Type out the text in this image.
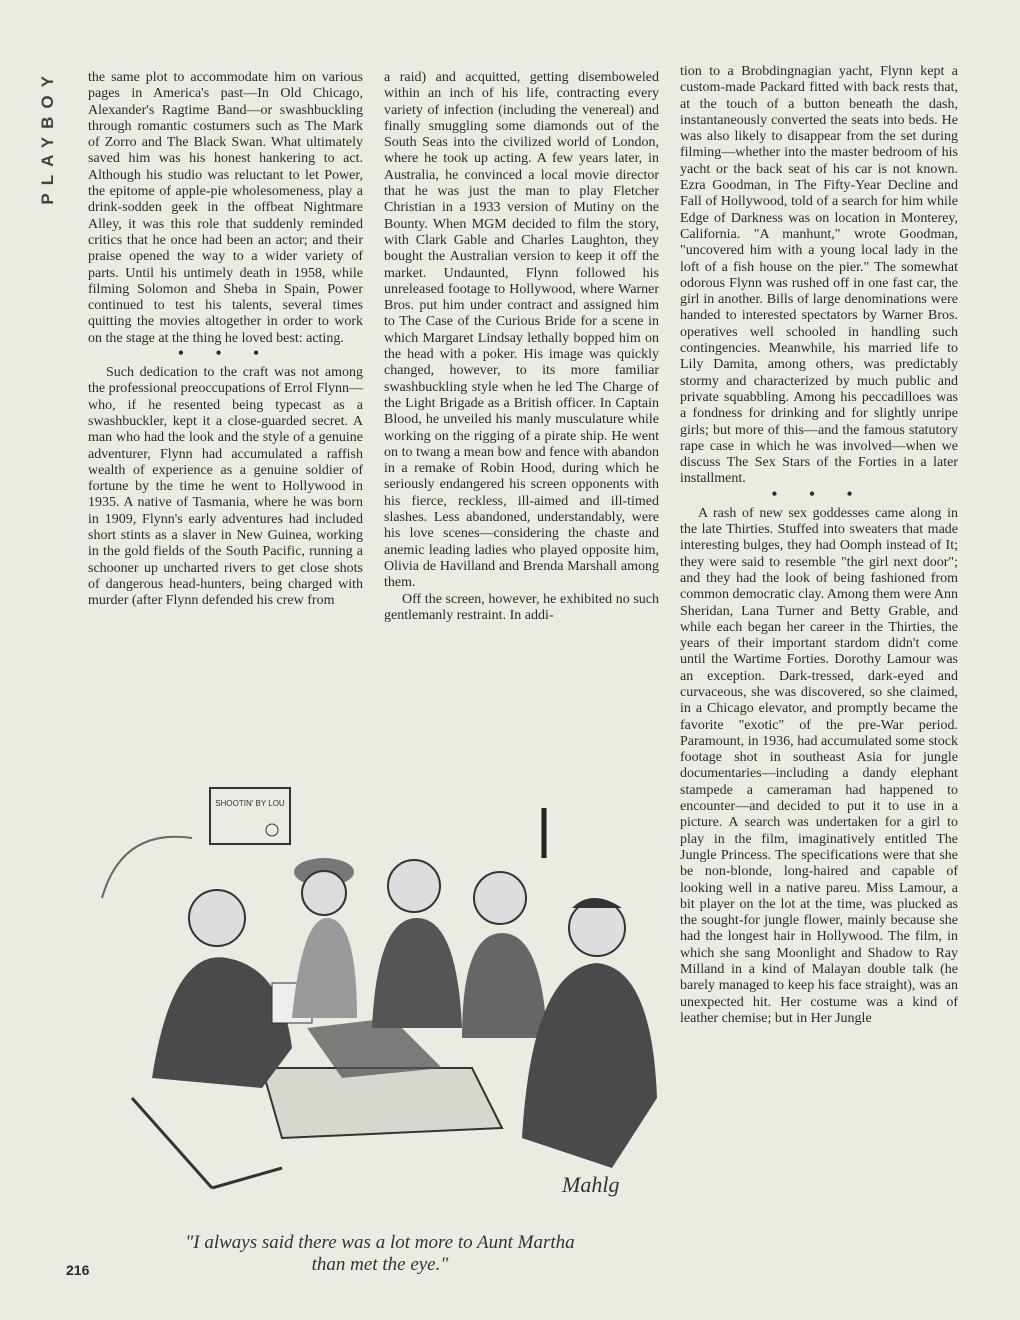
PLAYBOY	the same plot to accommodate him on various pages in America's past—In Old Chicago, Alexander's Ragtime Band—or swashbuckling through romantic costumers such as The Mark of Zorro and The Black Swan. What ultimately saved him was his honest hankering to act. Although his studio was reluctant to let Power, the epitome of apple-pie wholesomeness, play a drink-sodden geek in the offbeat Nightmare Alley, it was this role that suddenly reminded critics that he once had been an actor; and their praise opened the way to a wider variety of parts. Until his untimely death in 1958, while filming Solomon and Sheba in Spain, Power continued to test his talents, several times quitting the movies altogether in order to work on the stage at the thing he loved best: acting.

• • •

Such dedication to the craft was not among the professional preoccupations of Errol Flynn—who, if he resented being typecast as a swashbuckler, kept it a close-guarded secret. A man who had the look and the style of a genuine adventurer, Flynn had accumulated a raffish wealth of experience as a genuine soldier of fortune by the time he went to Hollywood in 1935. A native of Tasmania, where he was born in 1909, Flynn's early adventures had included short stints as a slaver in New Guinea, working in the gold fields of the South Pacific, running a schooner up uncharted rivers to get close shots of dangerous head-hunters, being charged with murder (after Flynn defended his crew from

a raid) and acquitted, getting disemboweled within an inch of his life, contracting every variety of infection (including the venereal) and finally smuggling some diamonds out of the South Seas into the civilized world of London, where he took up acting. A few years later, in Australia, he convinced a local movie director that he was just the man to play Fletcher Christian in a 1933 version of Mutiny on the Bounty. When MGM decided to film the story, with Clark Gable and Charles Laughton, they bought the Australian version to keep it off the market. Undaunted, Flynn followed his unreleased footage to Hollywood, where Warner Bros. put him under contract and assigned him to The Case of the Curious Bride for a scene in which Margaret Lindsay lethally bopped him on the head with a poker. His image was quickly changed, however, to its more familiar swashbuckling style when he led The Charge of the Light Brigade as a British officer. In Captain Blood, he unveiled his manly musculature while working on the rigging of a pirate ship. He went on to twang a mean bow and fence with abandon in a remake of Robin Hood, during which he seriously endangered his screen opponents with his fierce, reckless, ill-aimed and ill-timed slashes. Less abandoned, understandably, were his love scenes—considering the chaste and anemic leading ladies who played opposite him, Olivia de Havilland and Brenda Marshall among them.

Off the screen, however, he exhibited no such gentlemanly restraint. In addi-

tion to a Brobdingnagian yacht, Flynn kept a custom-made Packard fitted with back rests that, at the touch of a button beneath the dash, instantaneously converted the seats into beds. He was also likely to disappear from the set during filming—whether into the master bedroom of his yacht or the back seat of his car is not known. Ezra Goodman, in The Fifty-Year Decline and Fall of Hollywood, told of a search for him while Edge of Darkness was on location in Monterey, California. "A manhunt," wrote Goodman, "uncovered him with a young local lady in the loft of a fish house on the pier." The somewhat odorous Flynn was rushed off in one fast car, the girl in another. Bills of large denominations were handed to interested spectators by Warner Bros. operatives well schooled in handling such contingencies. Meanwhile, his married life to Lily Damita, among others, was predictably stormy and characterized by much public and private squabbling. Among his peccadilloes was a fondness for drinking and for slightly unripe girls; but more of this—and the famous statutory rape case in which he was involved—when we discuss The Sex Stars of the Forties in a later installment.

• • •

A rash of new sex goddesses came along in the late Thirties. Stuffed into sweaters that made interesting bulges, they had Oomph instead of It; they were said to resemble "the girl next door"; and they had the look of being fashioned from common democratic clay. Among them were Ann Sheridan, Lana Turner and Betty Grable, and while each began her career in the Thirties, the years of their important stardom didn't come until the Wartime Forties. Dorothy Lamour was an exception. Dark-tressed, dark-eyed and curvaceous, she was discovered, so she claimed, in a Chicago elevator, and promptly became the favorite "exotic" of the pre-War period. Paramount, in 1936, had accumulated some stock footage shot in southeast Asia for jungle documentaries—including a dandy elephant stampede a cameraman had happened to encounter—and decided to put it to use in a picture. A search was undertaken for a girl to play in the film, imaginatively entitled The Jungle Princess. The specifications were that she be non-blonde, long-haired and capable of looking well in a native pareu. Miss Lamour, a bit player on the lot at the time, was plucked as the sought-for jungle flower, mainly because she had the longest hair in Hollywood. The film, in which she sang Moonlight and Shadow to Ray Milland in a kind of Malayan double talk (he barely managed to keep his face straight), was an unexpected hit. Her costume was a kind of leather chemise; but in Her Jungle

SHOOTIN' BY LOU
Mahlg
"I always said there was a lot more to Aunt Martha than met the eye."
216
